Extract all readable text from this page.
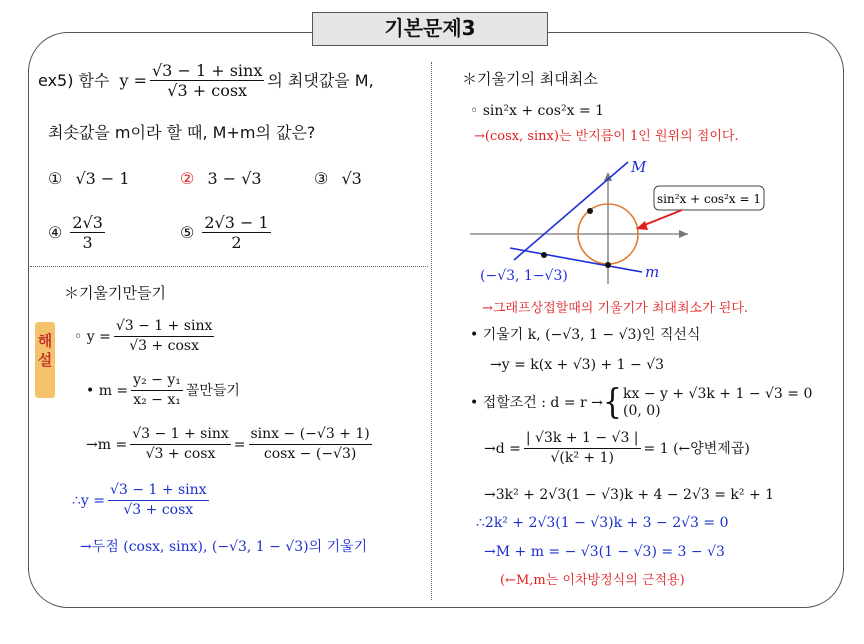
기본문제3
ex5) 함수 $y = \frac{√3 - 1 + \sin x}{√3 + \cos x}$ 의 최댓값을 M,
최솟값을 m이라 할 때, M+m의 값은?
① √3 − 1	② 3 − √3	③ √3
④ $\frac{2√3}{3}$	⑤ $\frac{2√3 - 1}{2}$
해설
＊기울기만들기
◦ $y = \frac{√3 - 1 + \sin x}{√3 + \cos x}$
• $m = \frac{\text{y₂ − y₁}}{\text{x₂ − x₁}}$ 꼴만들기
$\to m = \frac{√3 - 1 + \sin x}{√3 + \cos x} = \frac{\sin x - (-√3 + 1)}{\cos x - (-√3)}$
∴y = $\frac{√3 - 1 + \sin x}{√3 + \cos x}$
→두점 (cosx, sinx), (−√3, 1 − √3)의 기울기
＊기울기의 최대최소
◦ sin²x + cos²x = 1
→(cosx, sinx)는 반지름이 1인 원위의 점이다.
M
m
(−√3, 1−√3)
sin²x + cos²x = 1
→그래프상접할때의 기울기가 최대최소가 된다.
• 기울기 k, (−√3, 1 − √3)인 직선식
→y = k(x + √3) + 1 − √3
• 접할조건 : d = r → { kx − y + √3k + 1 − √3 = 0
(0, 0)
$\to d = \frac{| √3k + 1 - √3 |}{\text{√(k² + 1)}} = 1$ (←양변제곱)
→3k² + 2√3(1 − √3)k + 4 − 2√3 = k² + 1
∴2k² + 2√3(1 − √3)k + 3 − 2√3 = 0
→M + m = − √3(1 − √3) = 3 − √3
(←M,m는 이차방정식의 근적용)
